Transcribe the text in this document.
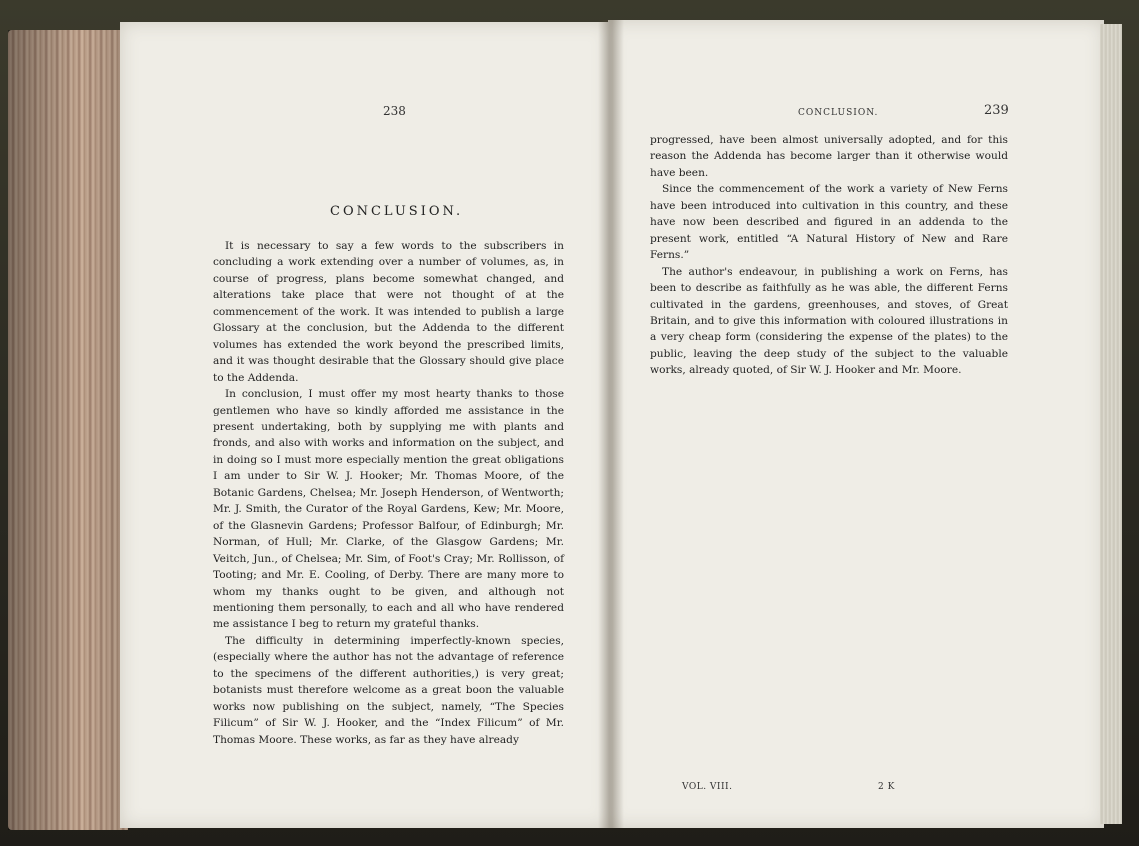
238
CONCLUSION.

It is necessary to say a few words to the subscribers in concluding a work extending over a number of volumes, as, in course of progress, plans become somewhat changed, and alterations take place that were not thought of at the commencement of the work. It was intended to publish a large Glossary at the conclusion, but the Addenda to the different volumes has extended the work beyond the prescribed limits, and it was thought desirable that the Glossary should give place to the Addenda.

In conclusion, I must offer my most hearty thanks to those gentlemen who have so kindly afforded me assistance in the present undertaking, both by supplying me with plants and fronds, and also with works and information on the subject, and in doing so I must more especially mention the great obligations I am under to Sir W. J. Hooker; Mr. Thomas Moore, of the Botanic Gardens, Chelsea; Mr. Joseph Henderson, of Wentworth; Mr. J. Smith, the Curator of the Royal Gardens, Kew; Mr. Moore, of the Glasnevin Gardens; Professor Balfour, of Edinburgh; Mr. Norman, of Hull; Mr. Clarke, of the Glasgow Gardens; Mr. Veitch, Jun., of Chelsea; Mr. Sim, of Foot's Cray; Mr. Rollisson, of Tooting; and Mr. E. Cooling, of Derby. There are many more to whom my thanks ought to be given, and although not mentioning them personally, to each and all who have rendered me assistance I beg to return my grateful thanks.

The difficulty in determining imperfectly-known species, (especially where the author has not the advantage of reference to the specimens of the different authorities,) is very great; botanists must therefore welcome as a great boon the valuable works now publishing on the subject, namely, “The Species Filicum” of Sir W. J. Hooker, and the “Index Filicum” of Mr. Thomas Moore. These works, as far as they have already

CONCLUSION.	239

progressed, have been almost universally adopted, and for this reason the Addenda has become larger than it otherwise would have been.

Since the commencement of the work a variety of New Ferns have been introduced into cultivation in this country, and these have now been described and figured in an addenda to the present work, entitled “A Natural History of New and Rare Ferns.”

The author's endeavour, in publishing a work on Ferns, has been to describe as faithfully as he was able, the different Ferns cultivated in the gardens, greenhouses, and stoves, of Great Britain, and to give this information with coloured illustrations in a very cheap form (considering the expense of the plates) to the public, leaving the deep study of the subject to the valuable works, already quoted, of Sir W. J. Hooker and Mr. Moore.

VOL. VIII.	2 K
